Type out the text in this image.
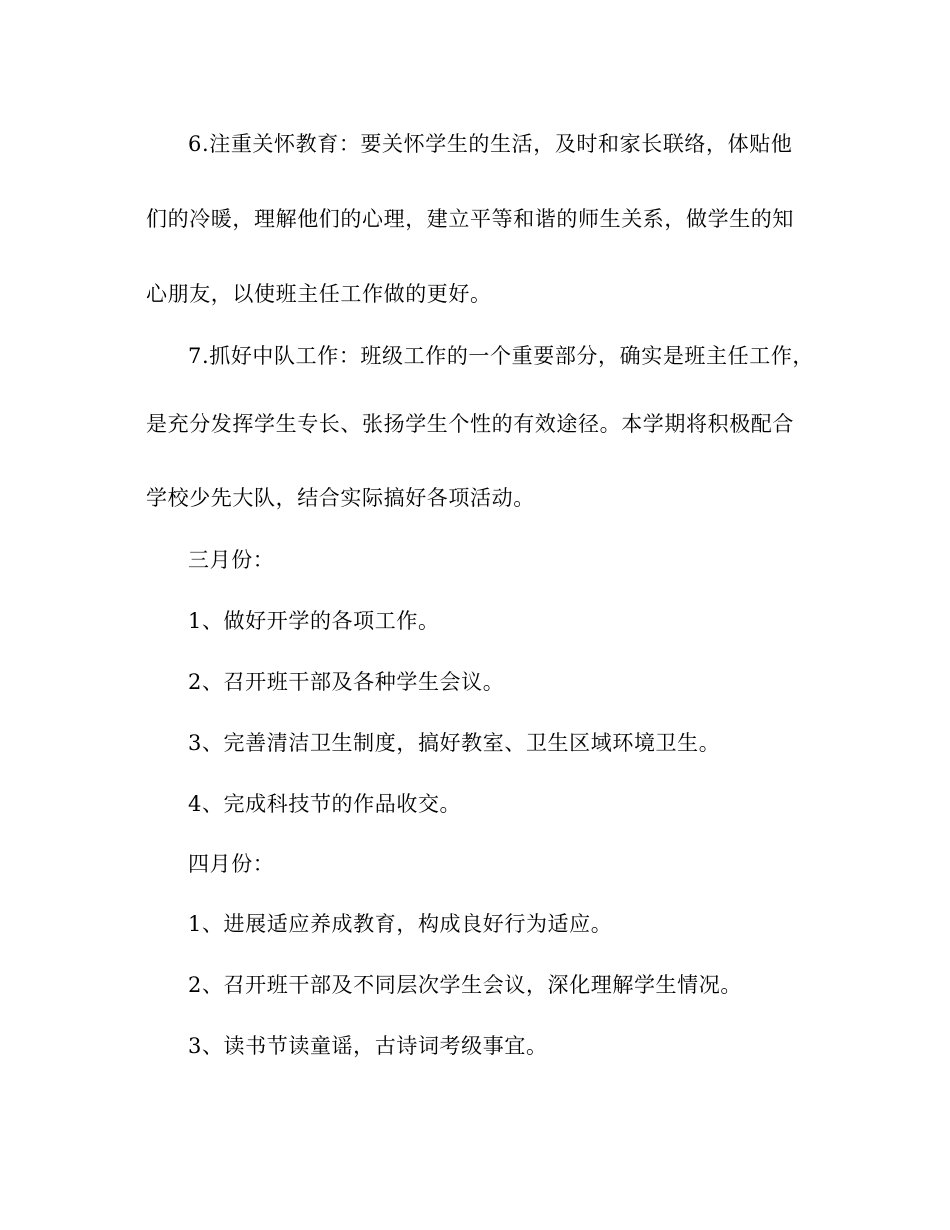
6.注重关怀教育：要关怀学生的生活，及时和家长联络，体贴他
们的冷暖，理解他们的心理，建立平等和谐的师生关系，做学生的知
心朋友，以使班主任工作做的更好。
7.抓好中队工作：班级工作的一个重要部分，确实是班主任工作，
是充分发挥学生专长、张扬学生个性的有效途径。本学期将积极配合
学校少先大队，结合实际搞好各项活动。
三月份：
1、做好开学的各项工作。
2、召开班干部及各种学生会议。
3、完善清洁卫生制度，搞好教室、卫生区域环境卫生。
4、完成科技节的作品收交。
四月份：
1、进展适应养成教育，构成良好行为适应。
2、召开班干部及不同层次学生会议，深化理解学生情况。
3、读书节读童谣，古诗词考级事宜。
